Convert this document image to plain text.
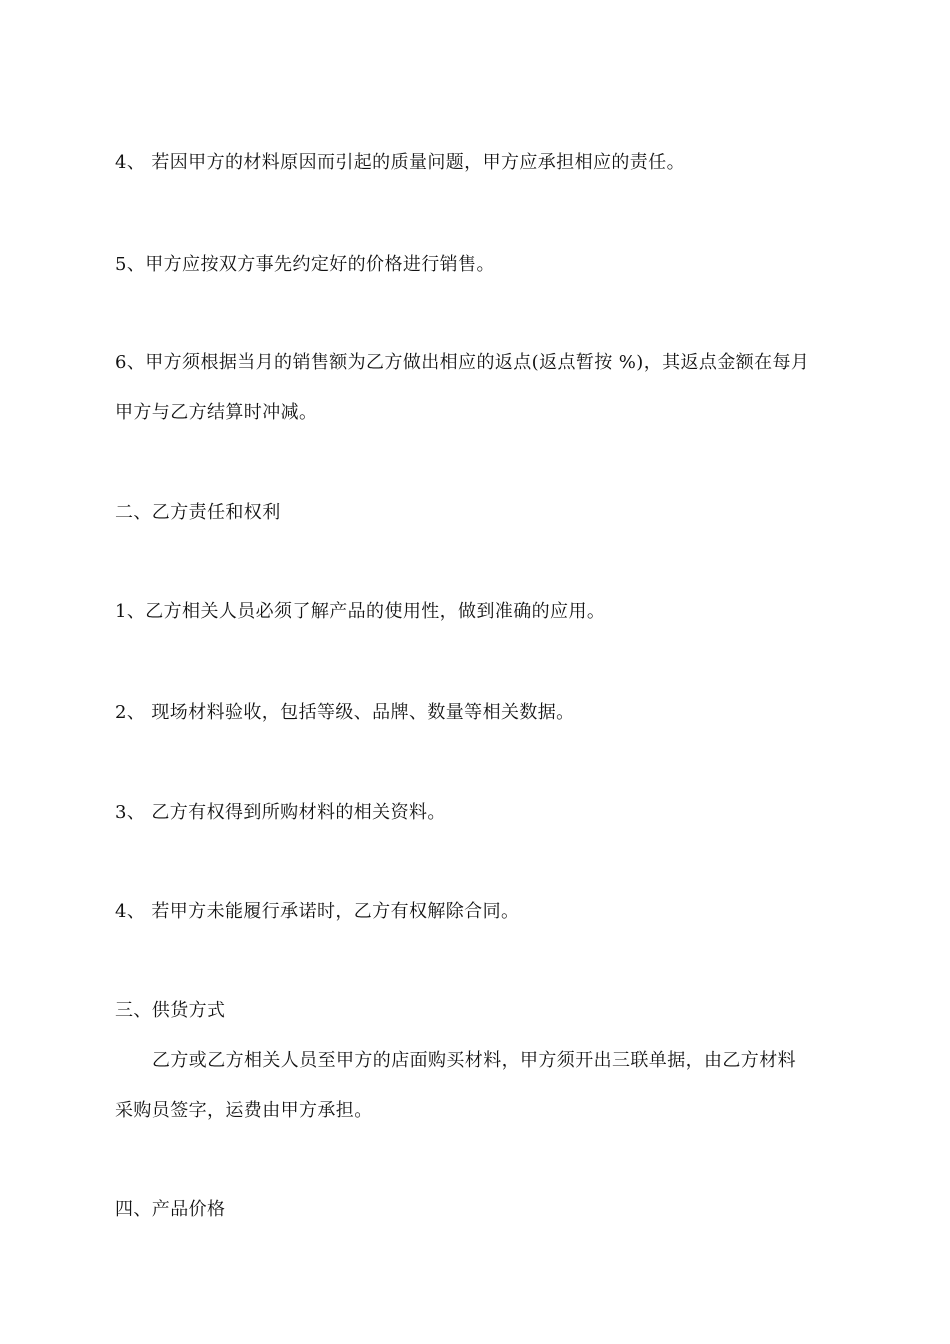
4、 若因甲方的材料原因而引起的质量问题，甲方应承担相应的责任。
5、甲方应按双方事先约定好的价格进行销售。
6、甲方须根据当月的销售额为乙方做出相应的返点(返点暂按 %)，其返点金额在每月
甲方与乙方结算时冲减。
二、乙方责任和权利
1、乙方相关人员必须了解产品的使用性，做到准确的应用。
2、 现场材料验收，包括等级、品牌、数量等相关数据。
3、 乙方有权得到所购材料的相关资料。
4、 若甲方未能履行承诺时，乙方有权解除合同。
三、供货方式
乙方或乙方相关人员至甲方的店面购买材料，甲方须开出三联单据，由乙方材料
采购员签字，运费由甲方承担。
四、产品价格
